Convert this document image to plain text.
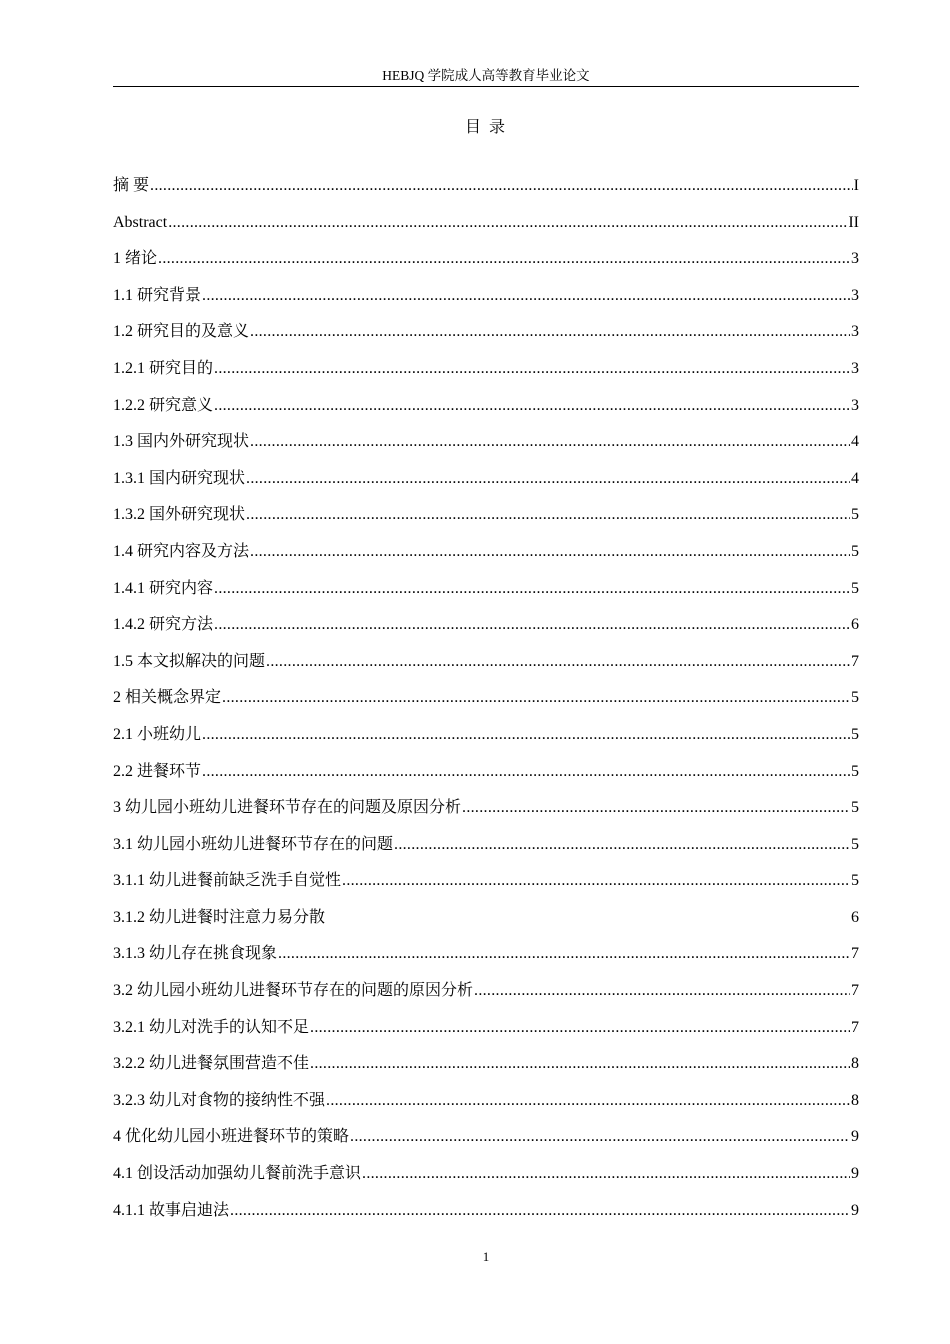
HEBJQ 学院成人高等教育毕业论文
目 录
摘 要 .....	I
Abstract .....	II
1 绪论 .....	3
1.1 研究背景 .....	3
1.2 研究目的及意义 .....	3
1.2.1 研究目的 .....	3
1.2.2 研究意义 .....	3
1.3 国内外研究现状 .....	4
1.3.1 国内研究现状 .....	4
1.3.2 国外研究现状 .....	5
1.4 研究内容及方法 .....	5
1.4.1 研究内容 .....	5
1.4.2 研究方法 .....	6
1.5 本文拟解决的问题 .....	7
2 相关概念界定 .....	5
2.1 小班幼儿 .....	5
2.2 进餐环节 .....	5
3 幼儿园小班幼儿进餐环节存在的问题及原因分析 .....	5
3.1 幼儿园小班幼儿进餐环节存在的问题 .....	5
3.1.1 幼儿进餐前缺乏洗手自觉性 .....	5
3.1.2 幼儿进餐时注意力易分散	6
3.1.3 幼儿存在挑食现象 .....	7
3.2 幼儿园小班幼儿进餐环节存在的问题的原因分析 .....	7
3.2.1 幼儿对洗手的认知不足 .....	7
3.2.2 幼儿进餐氛围营造不佳 .....	8
3.2.3 幼儿对食物的接纳性不强 .....	8
4 优化幼儿园小班进餐环节的策略 .....	9
4.1 创设活动加强幼儿餐前洗手意识 .....	9
4.1.1 故事启迪法 .....	9
1
